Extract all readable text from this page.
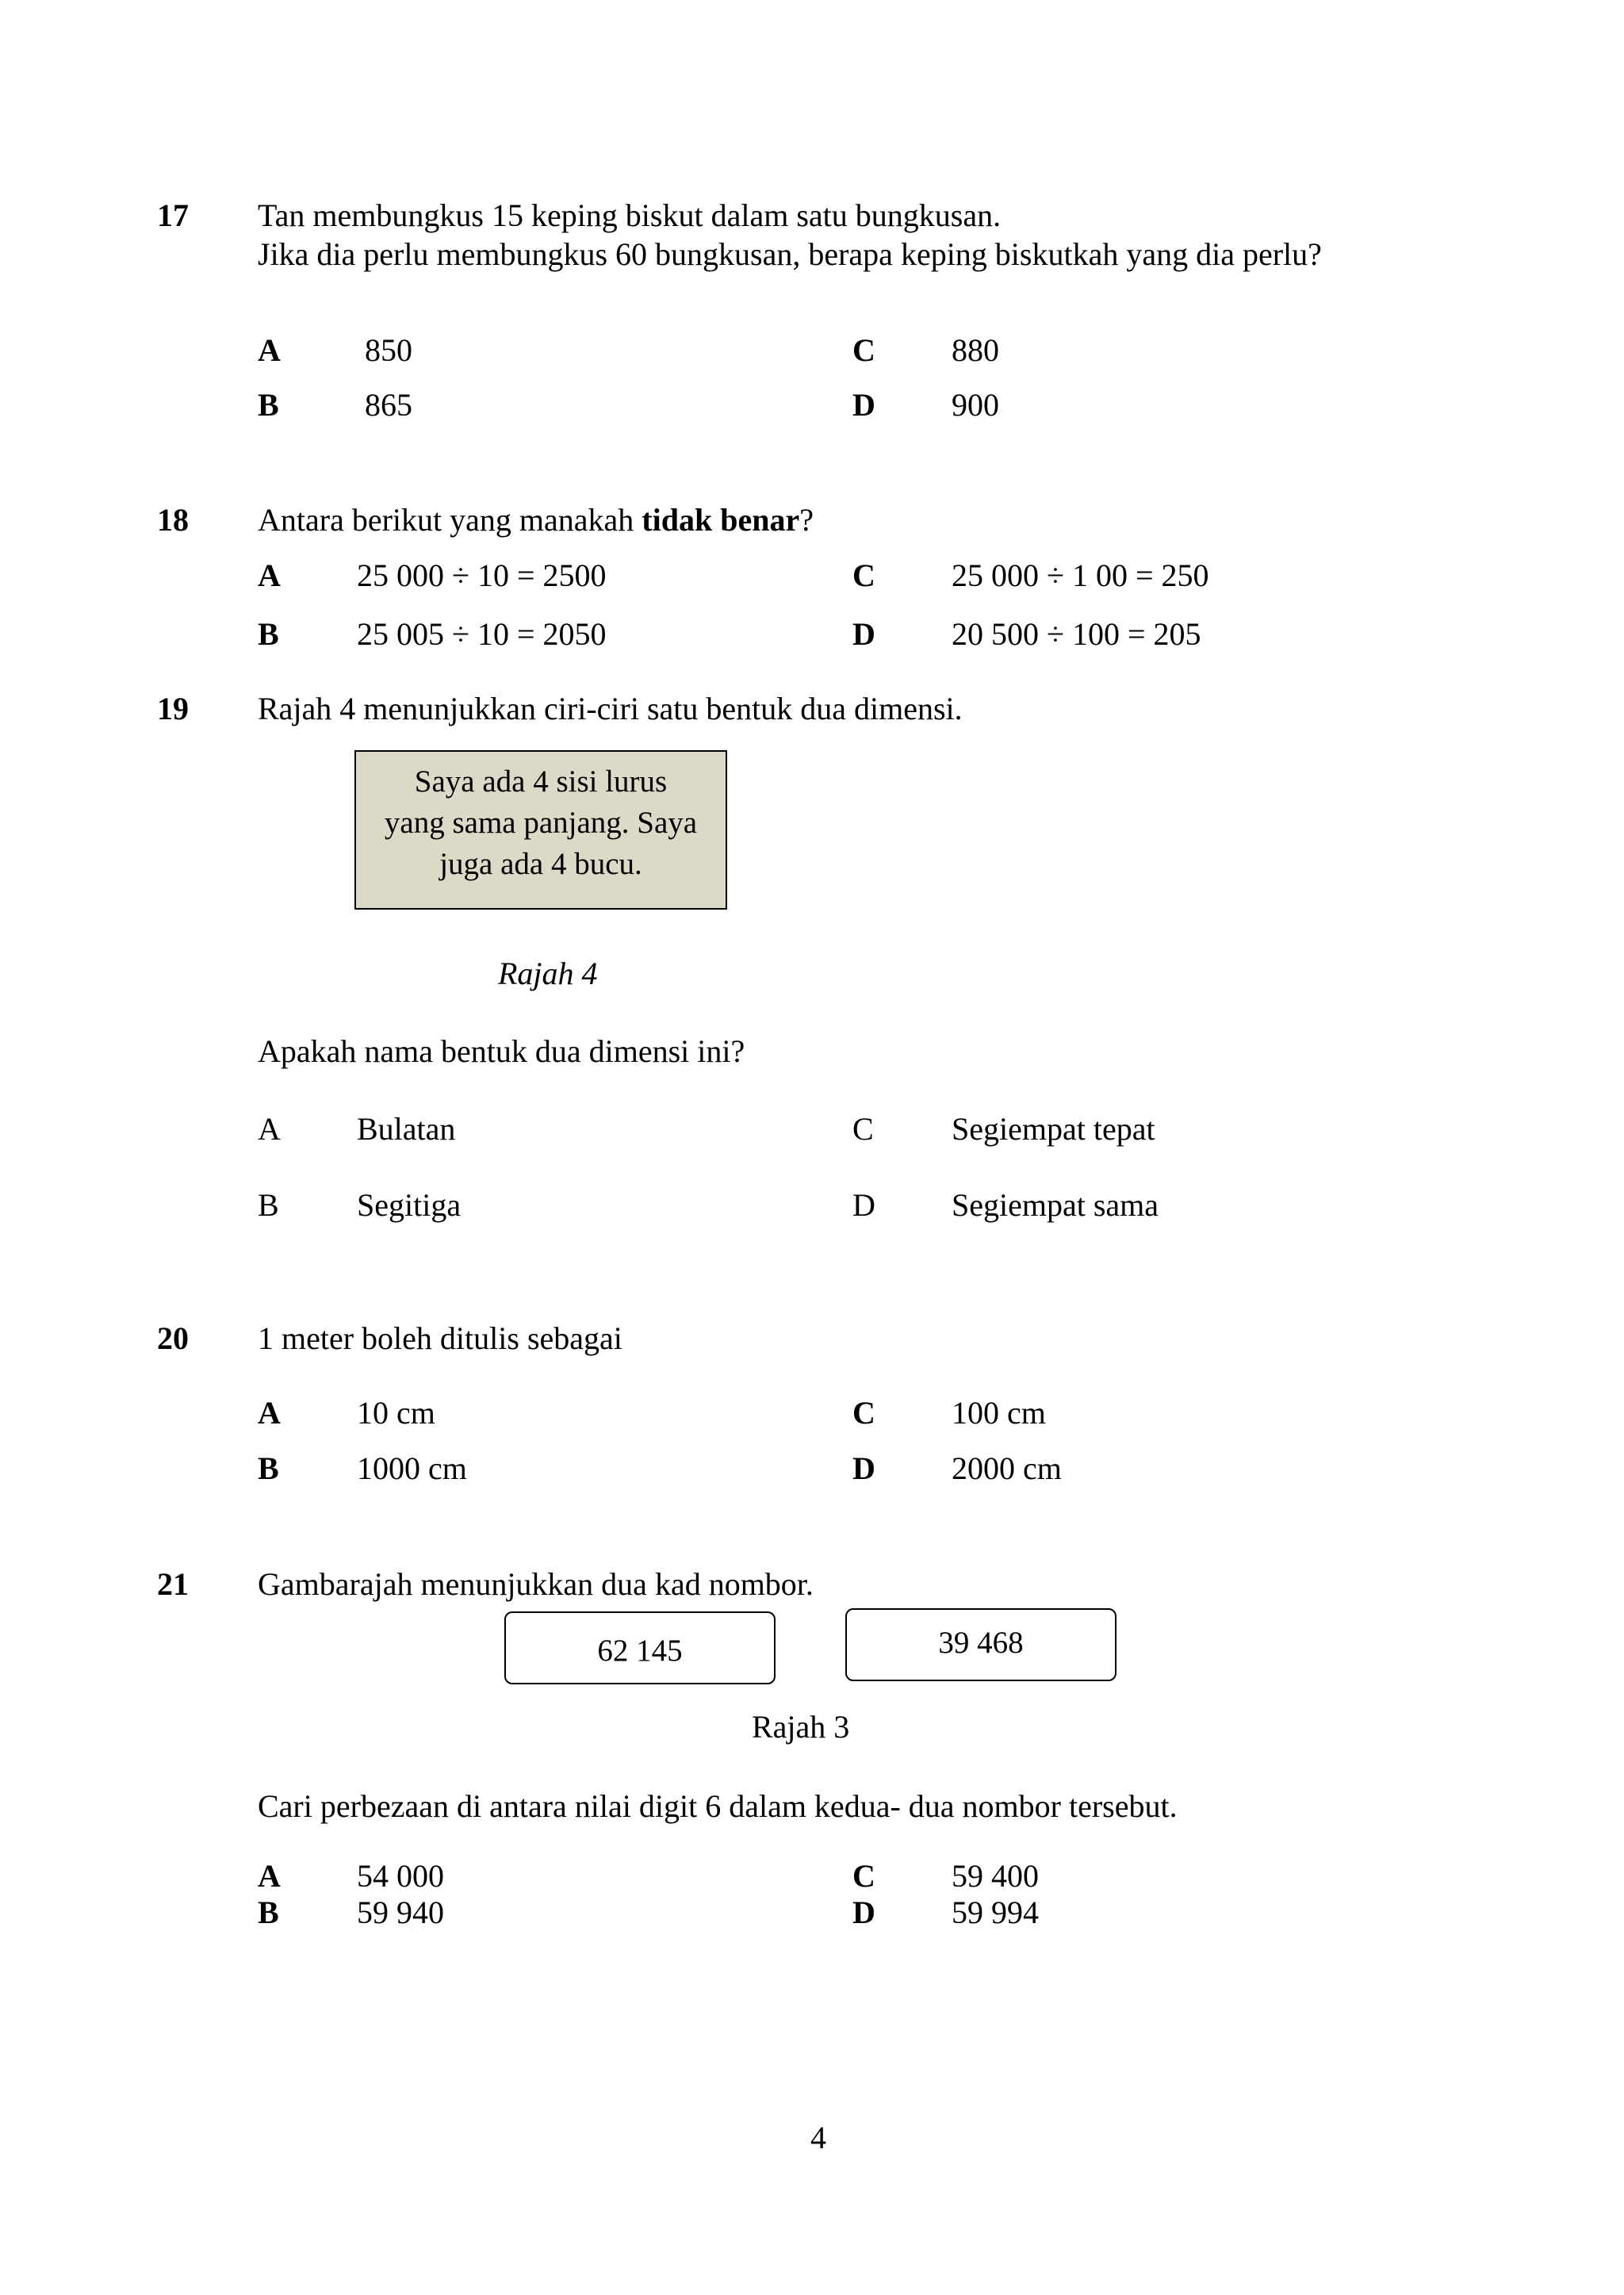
17 Tan membungkus 15 keping biskut dalam satu bungkusan.
Jika dia perlu membungkus 60 bungkusan, berapa keping biskutkah yang dia perlu?
A	850
B	865
C 880
D 900
18 Antara berikut yang manakah tidak benar?
A 25 000 ÷ 10 = 2500
B 25 005 ÷ 10 = 2050
C 25 000 ÷ 1 00 = 250
D 20 500 ÷ 100 = 205
19 Rajah 4 menunjukkan ciri-ciri satu bentuk dua dimensi.
Saya ada 4 sisi lurus
yang sama panjang. Saya
juga ada 4 bucu.
Rajah 4
Apakah nama bentuk dua dimensi ini?
A Bulatan
B Segitiga
C Segiempat tepat
D Segiempat sama
20 1 meter boleh ditulis sebagai
A 10 cm
B 1000 cm
C 100 cm
D 2000 cm
21 Gambarajah menunjukkan dua kad nombor.
62 145	39 468
Rajah 3
Cari perbezaan di antara nilai digit 6 dalam kedua- dua nombor tersebut.
A 54 000
B 59 940
C 59 400
D 59 994
4
